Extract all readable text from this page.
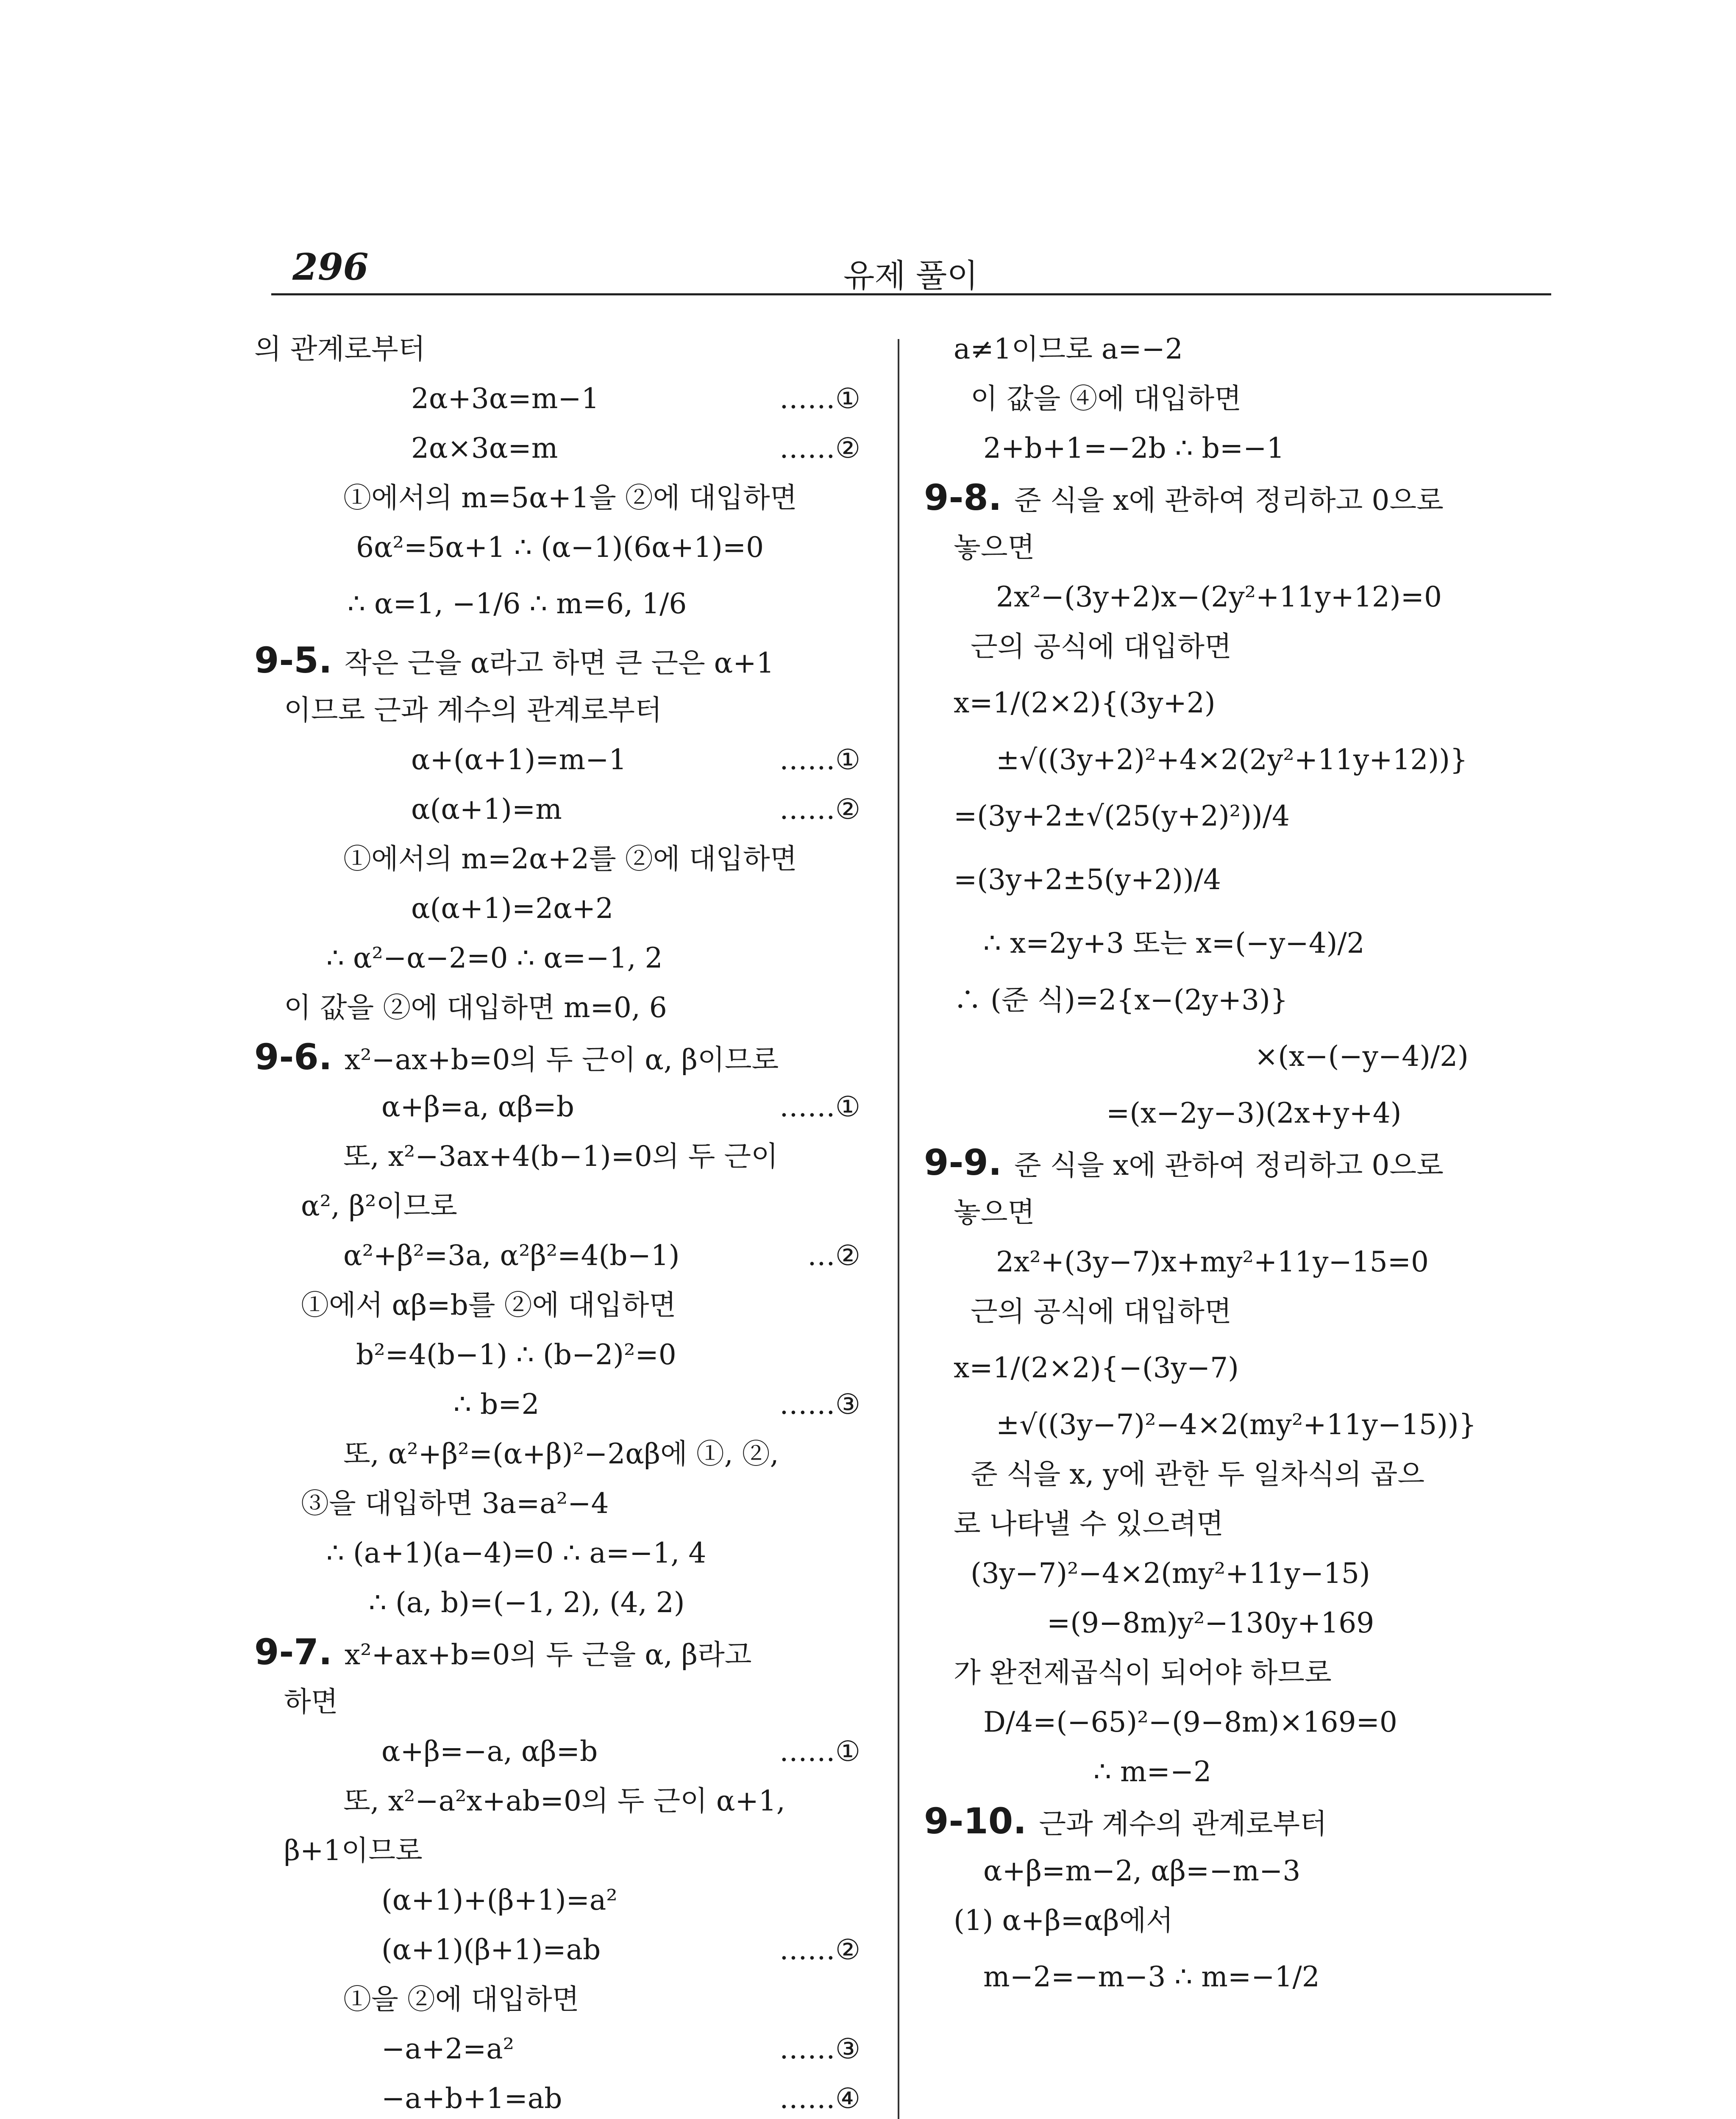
296	유제 풀이
의 관계로부터
2α+3α=m−1	……①
2α×3α=m	……②
①에서의 m=5α+1을 ②에 대입하면
6α²=5α+1 ∴ (α−1)(6α+1)=0
∴ α=1, −1/6 ∴ m=6, 1/6
9-5. 작은 근을 α라고 하면 큰 근은 α+1
이므로 근과 계수의 관계로부터
α+(α+1)=m−1	……①
α(α+1)=m	……②
①에서의 m=2α+2를 ②에 대입하면
α(α+1)=2α+2
∴ α²−α−2=0 ∴ α=−1, 2
이 값을 ②에 대입하면 m=0, 6
9-6. x²−ax+b=0의 두 근이 α, β이므로
α+β=a, αβ=b	……①
또, x²−3ax+4(b−1)=0의 두 근이
α², β²이므로
α²+β²=3a, α²β²=4(b−1)	…②
①에서 αβ=b를 ②에 대입하면
b²=4(b−1) ∴ (b−2)²=0
∴ b=2	……③
또, α²+β²=(α+β)²−2αβ에 ①, ②,
③을 대입하면 3a=a²−4
∴ (a+1)(a−4)=0 ∴ a=−1, 4
∴ (a, b)=(−1, 2), (4, 2)
9-7. x²+ax+b=0의 두 근을 α, β라고
하면
α+β=−a, αβ=b	……①
또, x²−a²x+ab=0의 두 근이 α+1,
β+1이므로
(α+1)+(β+1)=a²
(α+1)(β+1)=ab	……②
①을 ②에 대입하면
−a+2=a²	……③
−a+b+1=ab	……④
a≠1이므로 a=−2
이 값을 ④에 대입하면
2+b+1=−2b ∴ b=−1
9-8. 준 식을 x에 관하여 정리하고 0으로
놓으면
2x²−(3y+2)x−(2y²+11y+12)=0
근의 공식에 대입하면
x=1/(2×2){(3y+2)
±√((3y+2)²+4×2(2y²+11y+12))}
=(3y+2±√(25(y+2)²))/4
=(3y+2±5(y+2))/4
∴ x=2y+3 또는 x=(−y−4)/2
∴ (준 식)=2{x−(2y+3)}
×(x−(−y−4)/2)
=(x−2y−3)(2x+y+4)
9-9. 준 식을 x에 관하여 정리하고 0으로
놓으면
2x²+(3y−7)x+my²+11y−15=0
근의 공식에 대입하면
x=1/(2×2){−(3y−7)
±√((3y−7)²−4×2(my²+11y−15))}
준 식을 x, y에 관한 두 일차식의 곱으
로 나타낼 수 있으려면
(3y−7)²−4×2(my²+11y−15)
=(9−8m)y²−130y+169
가 완전제곱식이 되어야 하므로
D/4=(−65)²−(9−8m)×169=0
∴ m=−2
9-10. 근과 계수의 관계로부터
α+β=m−2, αβ=−m−3
(1) α+β=αβ에서
m−2=−m−3 ∴ m=−1/2
